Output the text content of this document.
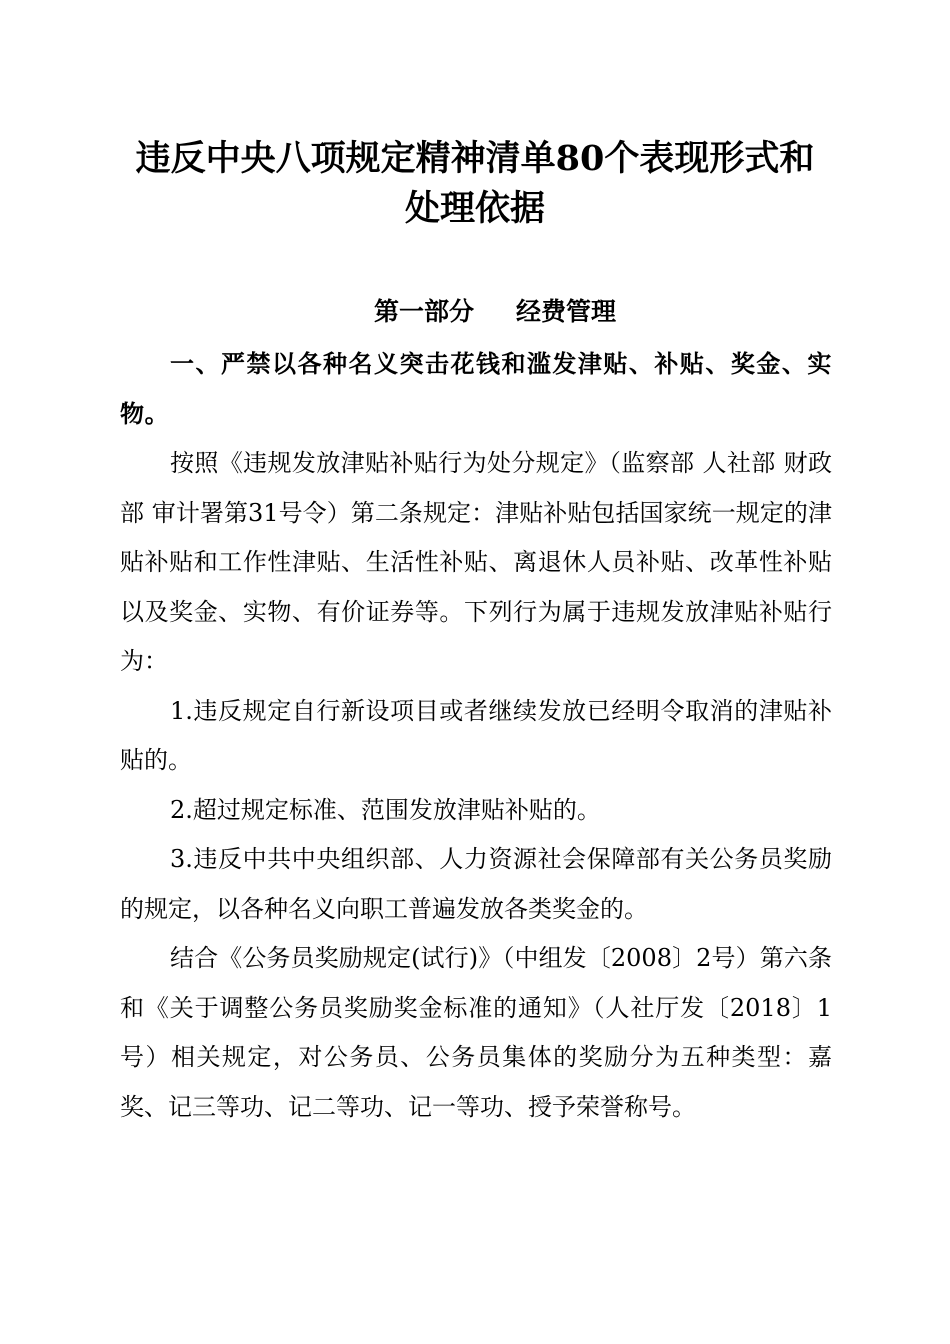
违反中央八项规定精神清单80个表现形式和
处理依据
第一部分 经费管理

一、严禁以各种名义突击花钱和滥发津贴、补贴、奖金、实物。

按照《违规发放津贴补贴行为处分规定》（监察部 人社部 财政部 审计署第31号令）第二条规定：津贴补贴包括国家统一规定的津贴补贴和工作性津贴、生活性补贴、离退休人员补贴、改革性补贴以及奖金、实物、有价证券等。下列行为属于违规发放津贴补贴行为：

1.违反规定自行新设项目或者继续发放已经明令取消的津贴补贴的。

2.超过规定标准、范围发放津贴补贴的。

3.违反中共中央组织部、人力资源社会保障部有关公务员奖励的规定，以各种名义向职工普遍发放各类奖金的。

结合《公务员奖励规定(试行)》（中组发〔2008〕2号）第六条和《关于调整公务员奖励奖金标准的通知》（人社厅发〔2018〕1号）相关规定，对公务员、公务员集体的奖励分为五种类型：嘉奖、记三等功、记二等功、记一等功、授予荣誉称号。
